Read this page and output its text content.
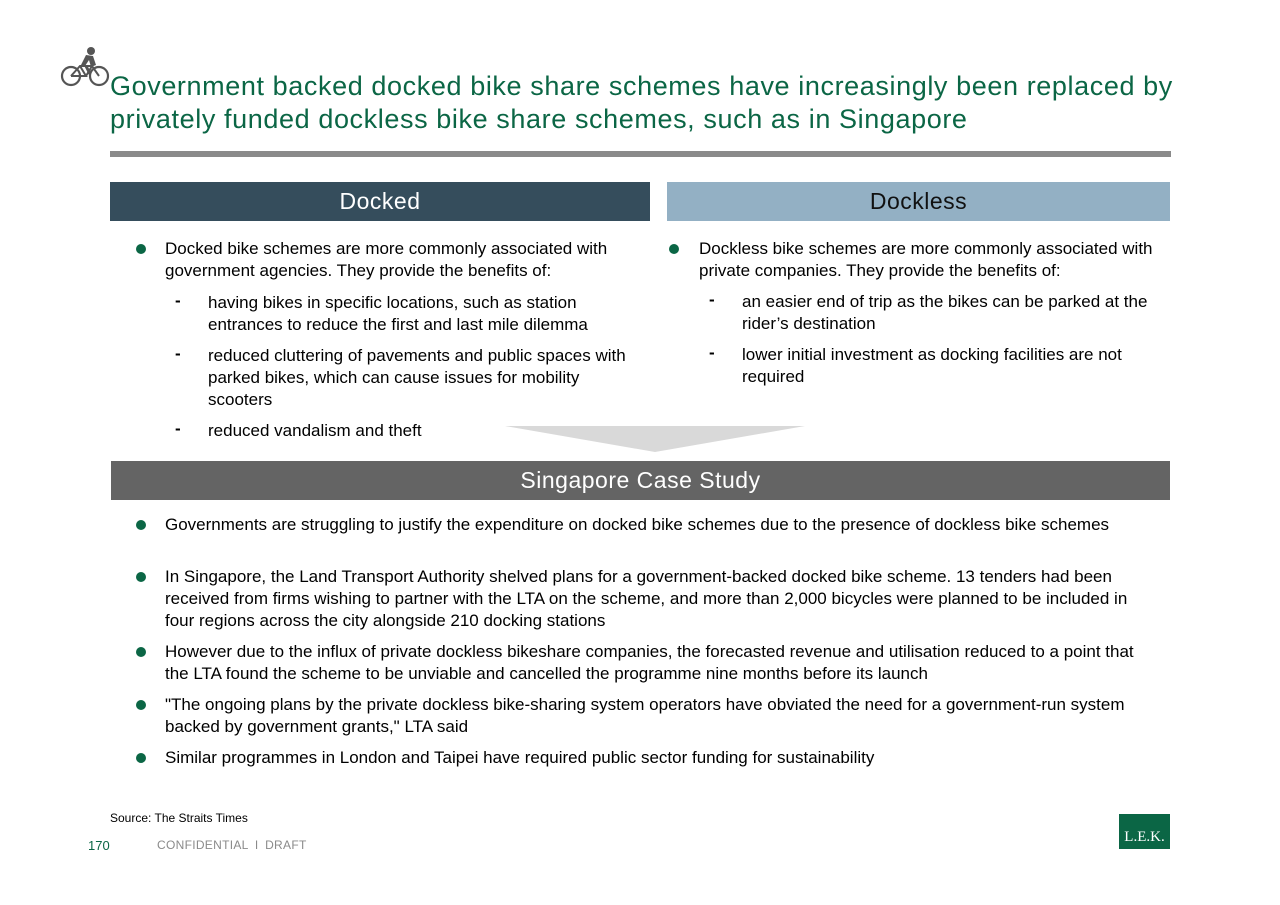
Government backed docked bike share schemes have increasingly been replaced by privately funded dockless bike share schemes, such as in Singapore
Docked
Docked bike schemes are more commonly associated with government agencies. They provide the benefits of:
- having bikes in specific locations, such as station entrances to reduce the first and last mile dilemma
- reduced cluttering of pavements and public spaces with parked bikes, which can cause issues for mobility scooters
- reduced vandalism and theft
Dockless
Dockless bike schemes are more commonly associated with private companies. They provide the benefits of:
- an easier end of trip as the bikes can be parked at the rider’s destination
- lower initial investment as docking facilities are not required
Singapore Case Study
Governments are struggling to justify the expenditure on docked bike schemes due to the presence of dockless bike schemes
In Singapore, the Land Transport Authority shelved plans for a government-backed docked bike scheme. 13 tenders had been received from firms wishing to partner with the LTA on the scheme, and more than 2,000 bicycles were planned to be included in four regions across the city alongside 210 docking stations
However due to the influx of private dockless bikeshare companies, the forecasted revenue and utilisation reduced to a point that the LTA found the scheme to be unviable and cancelled the programme nine months before its launch
"The ongoing plans by the private dockless bike-sharing system operators have obviated the need for a government-run system backed by government grants," LTA said
Similar programmes in London and Taipei have required public sector funding for sustainability
Source: The Straits Times
170	CONFIDENTIAL I DRAFT	L.E.K.
